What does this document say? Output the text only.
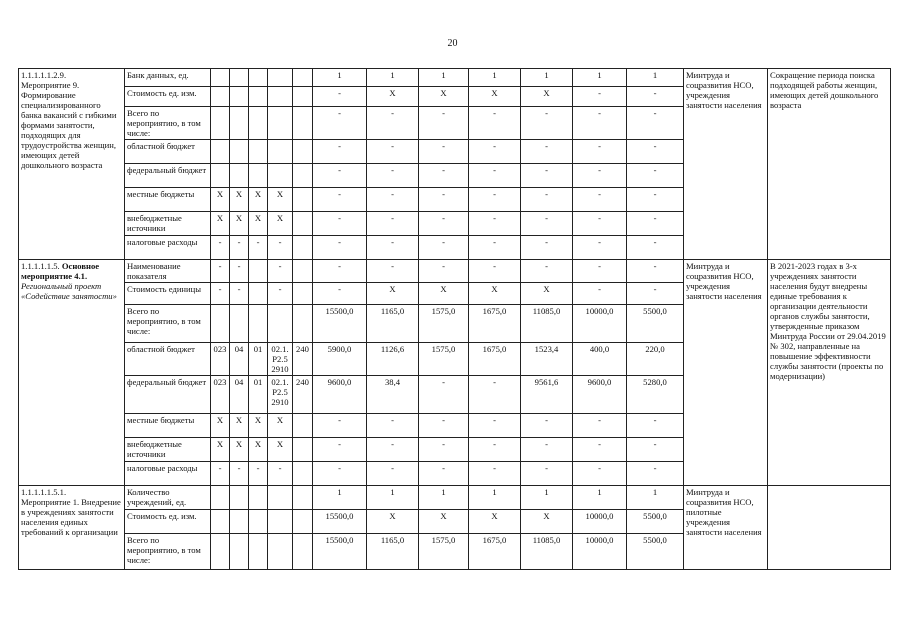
20
1.1.1.1.1.2.9.
Мероприятие 9. Формирование специализированного банка вакансий с гибкими формами занятости, подходящих для трудоустройства женщин, имеющих детей дошкольного возраста	Банк данных, ед.						1	1	1	1	1	1	1	Минтруда и соцразвития НСО, учреждения занятости населения	Сокращение периода поиска подходящей работы женщин, имеющих детей дошкольного возраста
	Стоимость ед. изм.						-	X	X	X	X	-	-		
	Всего по мероприятию, в том числе:						-	-	-	-	-	-	-		
	областной бюджет						-	-	-	-	-	-	-		
	федеральный бюджет						-	-	-	-	-	-	-		
	местные бюджеты	X	X	X	X		-	-	-	-	-	-	-		
	внебюджетные источники	X	X	X	X		-	-	-	-	-	-	-		
	налоговые расходы	-	-	-	-		-	-	-	-	-	-	-		
1.1.1.1.1.5. Основное мероприятие 4.1.
Региональный проект «Содействие занятости»	Наименование показателя	-	-		-		-	-	-	-	-	-	-	Минтруда и соцразвития НСО, учреждения занятости населения	В 2021-2023 годах в 3-х учреждениях занятости населения будут внедрены единые требования к организации деятельности органов службы занятости, утвержденные приказом Минтруда России от 29.04.2019 № 302, направленные на повышение эффективности службы занятости (проекты по модернизации)
	Стоимость единицы	-	-		-		-	X	X	X	X	-	-		
	Всего по мероприятию, в том числе:						15500,0	1165,0	1575,0	1675,0	11085,0	10000,0	5500,0		
	областной бюджет	023	04	01	02.1.Р2.5 2910	240	5900,0	1126,6	1575,0	1675,0	1523,4	400,0	220,0		
	федеральный бюджет	023	04	01	02.1.Р2.5 2910	240	9600,0	38,4	-	-	9561,6	9600,0	5280,0		
	местные бюджеты	X	X	X	X		-	-	-	-	-	-	-		
	внебюджетные источники	X	X	X	X		-	-	-	-	-	-	-		
	налоговые расходы	-	-	-	-		-	-	-	-	-	-	-		

1.1.1.1.1.5.1.
Мероприятие 1. Внедрение в учреждениях занятости населения единых требований к организации	Количество учреждений, ед.						1	1	1	1	1	1	1	Минтруда и соцразвития НСО, пилотные учреждения занятости населения	
	Стоимость ед. изм.						15500,0	X	X	X	X	10000,0	5500,0		
	Всего по мероприятию, в том числе:						15500,0	1165,0	1575,0	1675,0	11085,0	10000,0	5500,0		
